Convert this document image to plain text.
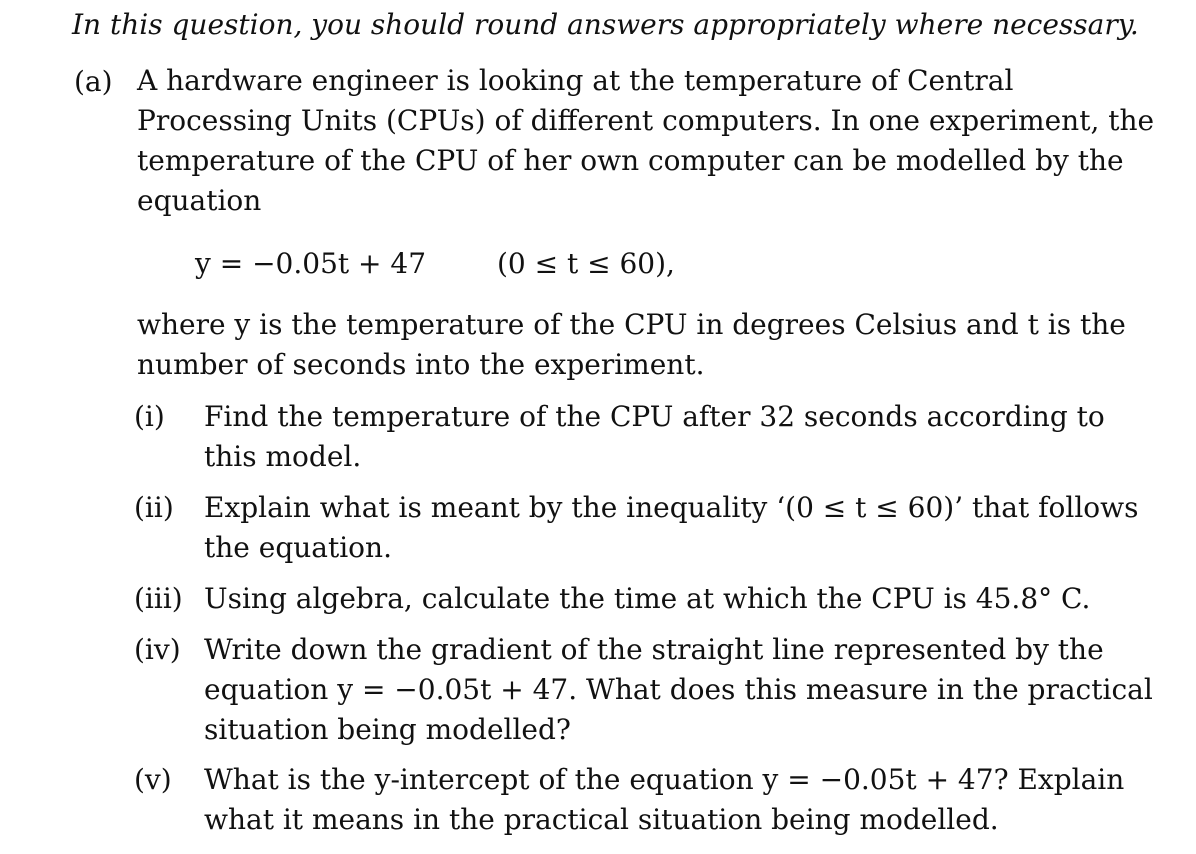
In this question, you should round answers appropriately where necessary.
(a) A hardware engineer is looking at the temperature of Central Processing Units (CPUs) of different computers. In one experiment, the temperature of the CPU of her own computer can be modelled by the equation
y = −0.05t + 47	(0 ≤ t ≤ 60),
where y is the temperature of the CPU in degrees Celsius and t is the number of seconds into the experiment.
(i)	Find the temperature of the CPU after 32 seconds according to this model.
(ii)	Explain what is meant by the inequality ‘(0 ≤ t ≤ 60)’ that follows the equation.
(iii) Using algebra, calculate the time at which the CPU is 45.8° C.
(iv) Write down the gradient of the straight line represented by the equation y = −0.05t + 47. What does this measure in the practical situation being modelled?
(v)	What is the y-intercept of the equation y = −0.05t + 47? Explain what it means in the practical situation being modelled.
